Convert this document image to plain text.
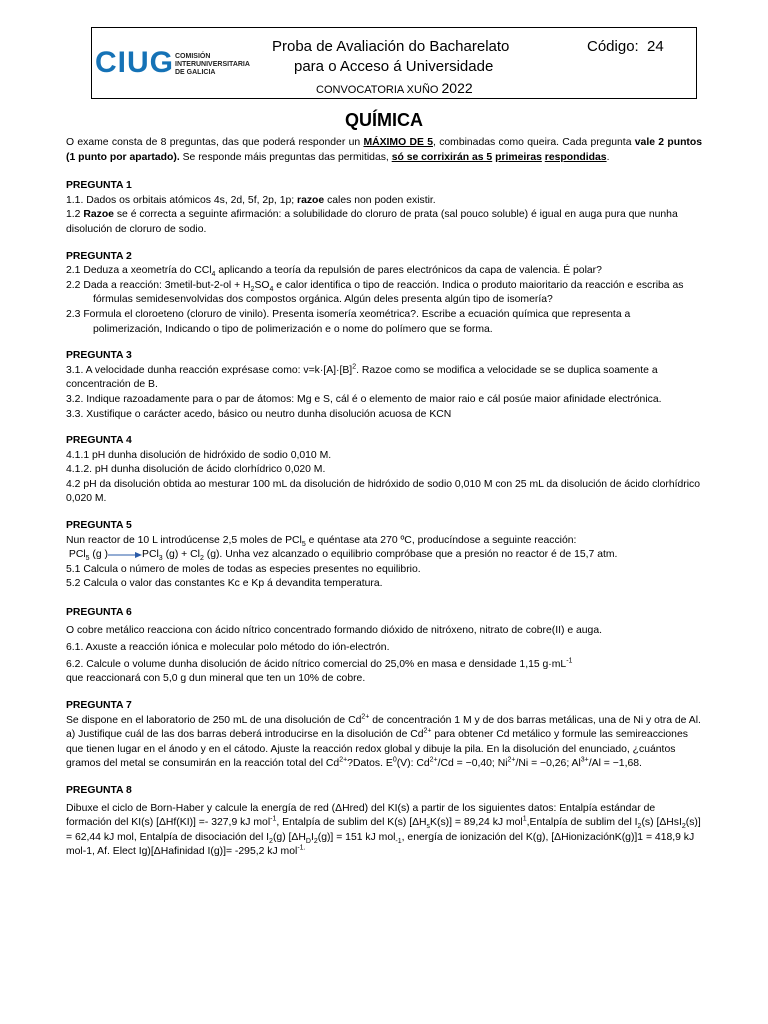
CIUG COMISIÓN
INTERUNIVERSITARIA
DE GALICIA
Proba de Avaliación do Bacharelato
para o Acceso á Universidade
Código: 24
CONVOCATORIA XUÑO 2022
QUÍMICA

O exame consta de 8 preguntas, das que poderá responder un MÁXIMO DE 5, combinadas como queira. Cada pregunta vale 2 puntos (1 punto por apartado). Se responde máis preguntas das permitidas, só se corrixirán as 5 primeiras respondidas.

PREGUNTA 1

1.1. Dados os orbitais atómicos 4s, 2d, 5f, 2p, 1p; razoe cales non poden existir.

1.2 Razoe se é correcta a seguinte afirmación: a solubilidade do cloruro de prata (sal pouco soluble) é igual en auga pura que nunha disolución de cloruro de sodio.

PREGUNTA 2

2.1 Deduza a xeometría do CCl$_4$ aplicando a teoría da repulsión de pares electrónicos da capa de valencia. É polar?

2.2 Dada a reacción: 3metil-but-2-ol + $H_2SO_4$ e calor identifica o tipo de reacción. Indica o produto maioritario da reacción e escriba as fórmulas semidesenvolvidas dos compostos orgánica. Algún deles presenta algún tipo de isomería?

2.3 Formula el cloroeteno (cloruro de vinilo). Presenta isomería xeométrica?. Escribe a ecuación química que representa a polimerización, Indicando o tipo de polimerización e o nome do polímero que se forma.

PREGUNTA 3

3.1. A velocidade dunha reacción exprésase como: $v=k\cdot[A]\cdot[B]^2$. Razoe como se modifica a velocidade se se duplica soamente a concentración de B.

3.2. Indique razoadamente para o par de átomos: Mg e S, cál é o elemento de maior raio e cál posúe maior afinidade electrónica.

3.3. Xustifique o carácter acedo, básico ou neutro dunha disolución acuosa de KCN

PREGUNTA 4

4.1.1 pH dunha disolución de hidróxido de sodio 0,010 M.

4.1.2. pH dunha disolución de ácido clorhídrico 0,020 M.

4.2 pH da disolución obtida ao mesturar 100 mL da disolución de hidróxido de sodio 0,010 M con 25 mL da disolución de ácido clorhídrico 0,020 M.

PREGUNTA 5

Nun reactor de 10 L introdúcense 2,5 moles de PCl$_5$ e quéntase ata 270 ºC, producíndose a seguinte reacción:

PCl$_5$ (g )→PCl$_3$ $(g) + Cl_2$ (g). Unha vez alcanzado o equilibrio compróbase que a presión no reactor é de 15,7 atm.

5.1 Calcula o número de moles de todas as especies presentes no equilibrio.

5.2 Calcula o valor das constantes Kc e Kp á devandita temperatura.

PREGUNTA 6

O cobre metálico reacciona con ácido nítrico concentrado formando dióxido de nitróxeno, nitrato de cobre(II) e auga.

6.1. Axuste a reacción iónica e molecular polo método do ión-electrón.

6.2. Calcule o volume dunha disolución de ácido nítrico comercial do 25,0% en masa e densidade 1,15 $g\cdot mL^{-1}$
que reaccionará con 5,0 g dun mineral que ten un 10% de cobre.

PREGUNTA 7

Se dispone en el laboratorio de 250 mL de una disolución de $Cd^{2+}$ de concentración 1 M y de dos barras metálicas, una de Ni y otra de Al. a) Justifique cuál de las dos barras deberá introducirse en la disolución de $Cd^{2+}$ para obtener Cd metálico y formule las semireacciones que tienen lugar en el ánodo y en el cátodo. Ajuste la reacción redox global y dibuje la pila. En la disolución del enunciado, ¿cuántos gramos del metal se consumirán en la reacción total del $Cd^{2+}?Datos$. $E^0(V)$: $Cd^{2+}/Cd = -0,40$; $Ni^{2+}/Ni = -0,26$; $Al^{3+}/Al = -1,68$.

PREGUNTA 8

Dibuxe el ciclo de Born-Haber y calcule la energía de red (ΔHred) del KI(s) a partir de los siguientes datos: Entalpía estándar de formación del KI(s) [ΔHf(KI)] =- 327,9 kJ mol$^{-1}$, Entalpía de sublim del K(s) $[\Delta H_sK(s)] = 89,24$ kJ mol$^1$,Entalpía de sublim del $I_2(s) [\Delta HsI_2(s)] = 62,44$ kJ mol, Entalpía de disociación del $I_2(g) [\Delta H_DI_2(g)] = 151$ kJ mol$_{-1}$, energía de ionización del K(g), [ΔHionizaciónK(g)]1 = 418,9 kJ mol-1, Af. Elect Ig)[ΔHafinidad I(g)]= -295,2 kJ mol$^{-1.}$
